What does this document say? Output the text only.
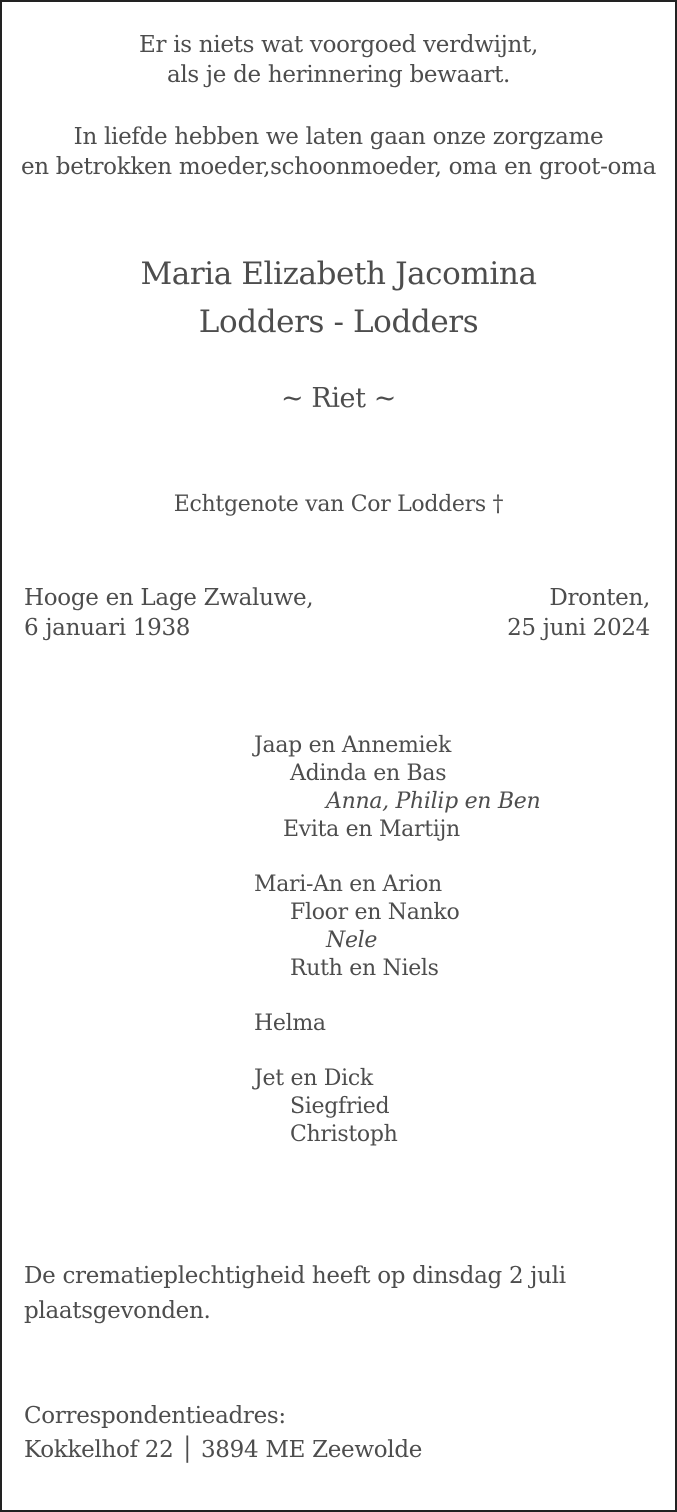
Er is niets wat voorgoed verdwijnt,
als je de herinnering bewaart.
In liefde hebben we laten gaan onze zorgzame
en betrokken moeder,schoonmoeder, oma en groot-oma
Maria Elizabeth Jacomina
Lodders - Lodders
~ Riet ~
Echtgenote van Cor Lodders †
Hooge en Lage Zwaluwe,
6 januari 1938
Dronten,
25 juni 2024
Jaap en Annemiek
Adinda en Bas
Anna, Philip en Ben
Evita en Martijn
Mari-An en Arion
Floor en Nanko
Nele
Ruth en Niels
Helma
Jet en Dick
Siegfried
Christoph
De crematieplechtigheid heeft op dinsdag 2 juli
plaatsgevonden.
Correspondentieadres:
Kokkelhof 22 │ 3894 ME Zeewolde
